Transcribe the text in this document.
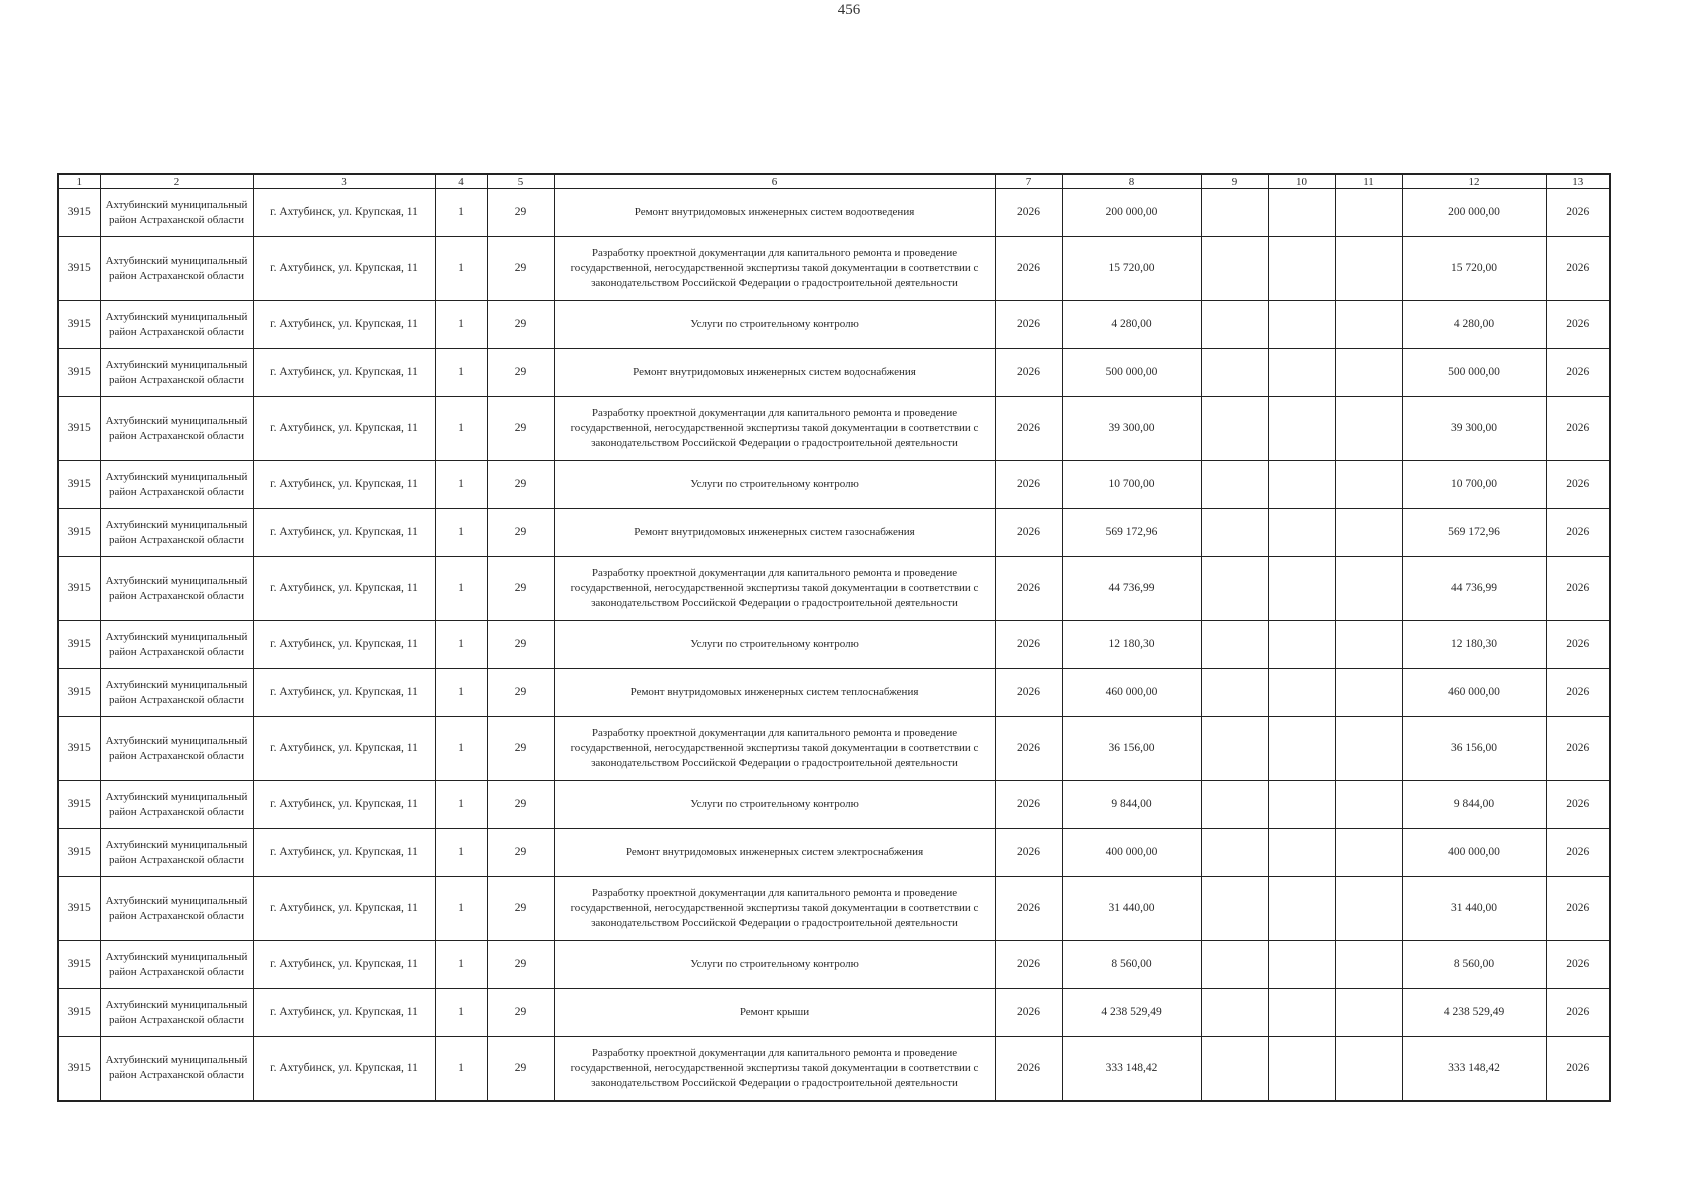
456
1	2	3	4	5	6	7	8	9	10	11	12	13
3915	Ахтубинский муниципальный район Астраханской области	г. Ахтубинск, ул. Крупская, 11	1	29	Ремонт внутридомовых инженерных систем водоотведения	2026	200 000,00				200 000,00	2026
3915	Ахтубинский муниципальный район Астраханской области	г. Ахтубинск, ул. Крупская, 11	1	29	Разработку проектной документации для капитального ремонта и проведение государственной, негосударственной экспертизы такой документации в соответствии с законодательством Российской Федерации о градостроительной деятельности	2026	15 720,00				15 720,00	2026
3915	Ахтубинский муниципальный район Астраханской области	г. Ахтубинск, ул. Крупская, 11	1	29	Услуги по строительному контролю	2026	4 280,00				4 280,00	2026
3915	Ахтубинский муниципальный район Астраханской области	г. Ахтубинск, ул. Крупская, 11	1	29	Ремонт внутридомовых инженерных систем водоснабжения	2026	500 000,00				500 000,00	2026
3915	Ахтубинский муниципальный район Астраханской области	г. Ахтубинск, ул. Крупская, 11	1	29	Разработку проектной документации для капитального ремонта и проведение государственной, негосударственной экспертизы такой документации в соответствии с законодательством Российской Федерации о градостроительной деятельности	2026	39 300,00				39 300,00	2026
3915	Ахтубинский муниципальный район Астраханской области	г. Ахтубинск, ул. Крупская, 11	1	29	Услуги по строительному контролю	2026	10 700,00				10 700,00	2026
3915	Ахтубинский муниципальный район Астраханской области	г. Ахтубинск, ул. Крупская, 11	1	29	Ремонт внутридомовых инженерных систем газоснабжения	2026	569 172,96				569 172,96	2026
3915	Ахтубинский муниципальный район Астраханской области	г. Ахтубинск, ул. Крупская, 11	1	29	Разработку проектной документации для капитального ремонта и проведение государственной, негосударственной экспертизы такой документации в соответствии с законодательством Российской Федерации о градостроительной деятельности	2026	44 736,99				44 736,99	2026
3915	Ахтубинский муниципальный район Астраханской области	г. Ахтубинск, ул. Крупская, 11	1	29	Услуги по строительному контролю	2026	12 180,30				12 180,30	2026
3915	Ахтубинский муниципальный район Астраханской области	г. Ахтубинск, ул. Крупская, 11	1	29	Ремонт внутридомовых инженерных систем теплоснабжения	2026	460 000,00				460 000,00	2026
3915	Ахтубинский муниципальный район Астраханской области	г. Ахтубинск, ул. Крупская, 11	1	29	Разработку проектной документации для капитального ремонта и проведение государственной, негосударственной экспертизы такой документации в соответствии с законодательством Российской Федерации о градостроительной деятельности	2026	36 156,00				36 156,00	2026
3915	Ахтубинский муниципальный район Астраханской области	г. Ахтубинск, ул. Крупская, 11	1	29	Услуги по строительному контролю	2026	9 844,00				9 844,00	2026
3915	Ахтубинский муниципальный район Астраханской области	г. Ахтубинск, ул. Крупская, 11	1	29	Ремонт внутридомовых инженерных систем электроснабжения	2026	400 000,00				400 000,00	2026
3915	Ахтубинский муниципальный район Астраханской области	г. Ахтубинск, ул. Крупская, 11	1	29	Разработку проектной документации для капитального ремонта и проведение государственной, негосударственной экспертизы такой документации в соответствии с законодательством Российской Федерации о градостроительной деятельности	2026	31 440,00				31 440,00	2026
3915	Ахтубинский муниципальный район Астраханской области	г. Ахтубинск, ул. Крупская, 11	1	29	Услуги по строительному контролю	2026	8 560,00				8 560,00	2026
3915	Ахтубинский муниципальный район Астраханской области	г. Ахтубинск, ул. Крупская, 11	1	29	Ремонт крыши	2026	4 238 529,49				4 238 529,49	2026
3915	Ахтубинский муниципальный район Астраханской области	г. Ахтубинск, ул. Крупская, 11	1	29	Разработку проектной документации для капитального ремонта и проведение государственной, негосударственной экспертизы такой документации в соответствии с законодательством Российской Федерации о градостроительной деятельности	2026	333 148,42				333 148,42	2026
